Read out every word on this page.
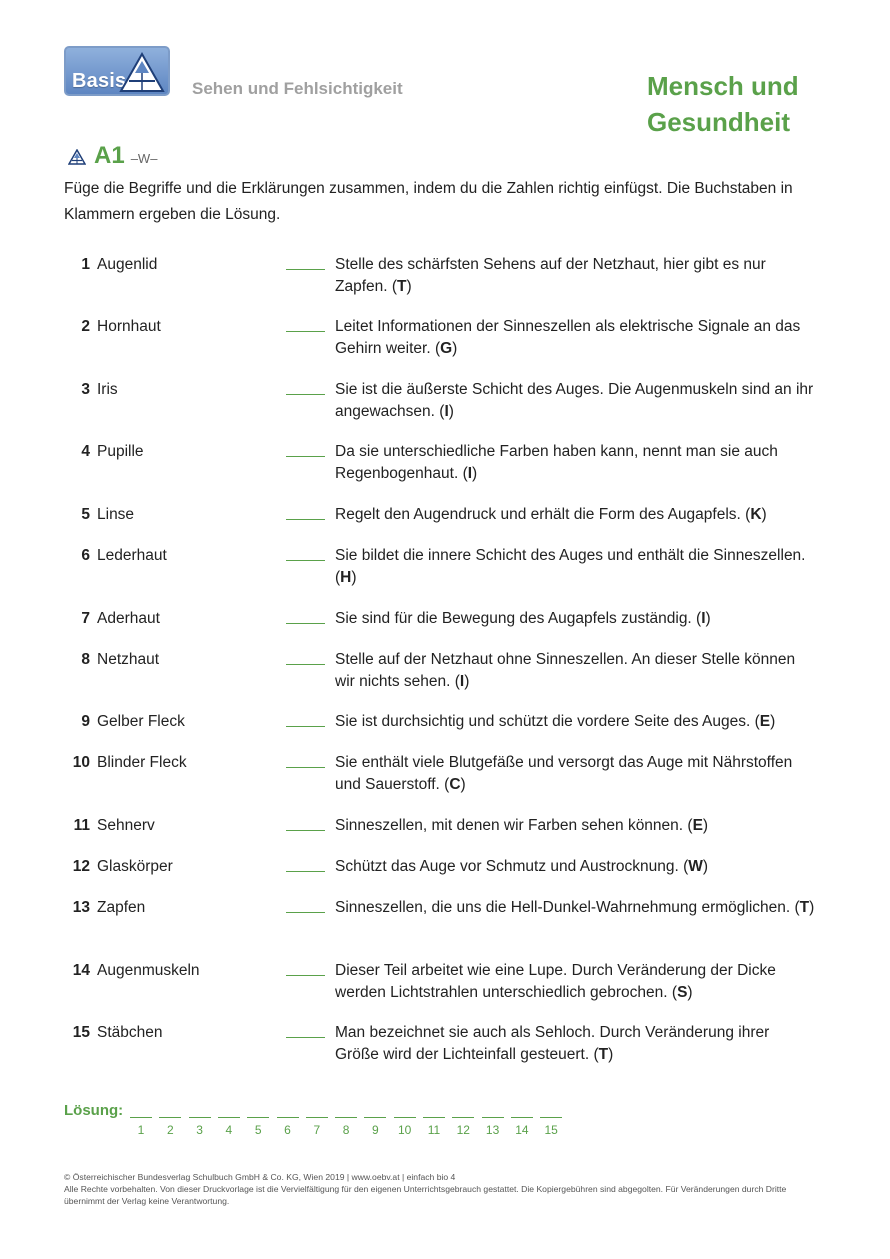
Basis	Sehen und Fehlsichtigkeit	Mensch und
Gesundheit
A1 –W–
Füge die Begriffe und die Erklärungen zusammen, indem du die Zahlen richtig einfügst. Die Buchstaben in Klammern ergeben die Lösung.
1 Augenlid	Stelle des schärfsten Sehens auf der Netzhaut, hier gibt es nur Zapfen. (T)
2 Hornhaut	Leitet Informationen der Sinneszellen als elektrische Signale an das Gehirn weiter. (G)
3 Iris	Sie ist die äußerste Schicht des Auges. Die Augenmuskeln sind an ihr angewachsen. (I)
4 Pupille	Da sie unterschiedliche Farben haben kann, nennt man sie auch Regenbogenhaut. (I)
5 Linse	Regelt den Augendruck und erhält die Form des Augapfels. (K)
6 Lederhaut	Sie bildet die innere Schicht des Auges und enthält die Sinneszellen. (H)
7 Aderhaut	Sie sind für die Bewegung des Augapfels zuständig. (I)
8 Netzhaut	Stelle auf der Netzhaut ohne Sinneszellen. An dieser Stelle können wir nichts sehen. (I)
9 Gelber Fleck	Sie ist durchsichtig und schützt die vordere Seite des Auges. (E)
10 Blinder Fleck	Sie enthält viele Blutgefäße und versorgt das Auge mit Nährstoffen und Sauerstoff. (C)
11 Sehnerv	Sinneszellen, mit denen wir Farben sehen können. (E)
12 Glaskörper	Schützt das Auge vor Schmutz und Austrocknung. (W)
13 Zapfen	Sinneszellen, die uns die Hell-Dunkel-Wahrnehmung ermöglichen. (T)
14 Augenmuskeln	Dieser Teil arbeitet wie eine Lupe. Durch Veränderung der Dicke werden Lichtstrahlen unterschiedlich gebrochen. (S)
15 Stäbchen	Man bezeichnet sie auch als Sehloch. Durch Veränderung ihrer Größe wird der Lichteinfall gesteuert. (T)
Lösung:
1	2	3	4	5	6	7	8	9	10	11	12	13	14	15
© Österreichischer Bundesverlag Schulbuch GmbH & Co. KG, Wien 2019 | www.oebv.at | einfach bio 4
Alle Rechte vorbehalten. Von dieser Druckvorlage ist die Vervielfältigung für den eigenen Unterrichtsgebrauch gestattet. Die Kopiergebühren sind abgegolten. Für Veränderungen durch Dritte übernimmt der Verlag keine Verantwortung.
